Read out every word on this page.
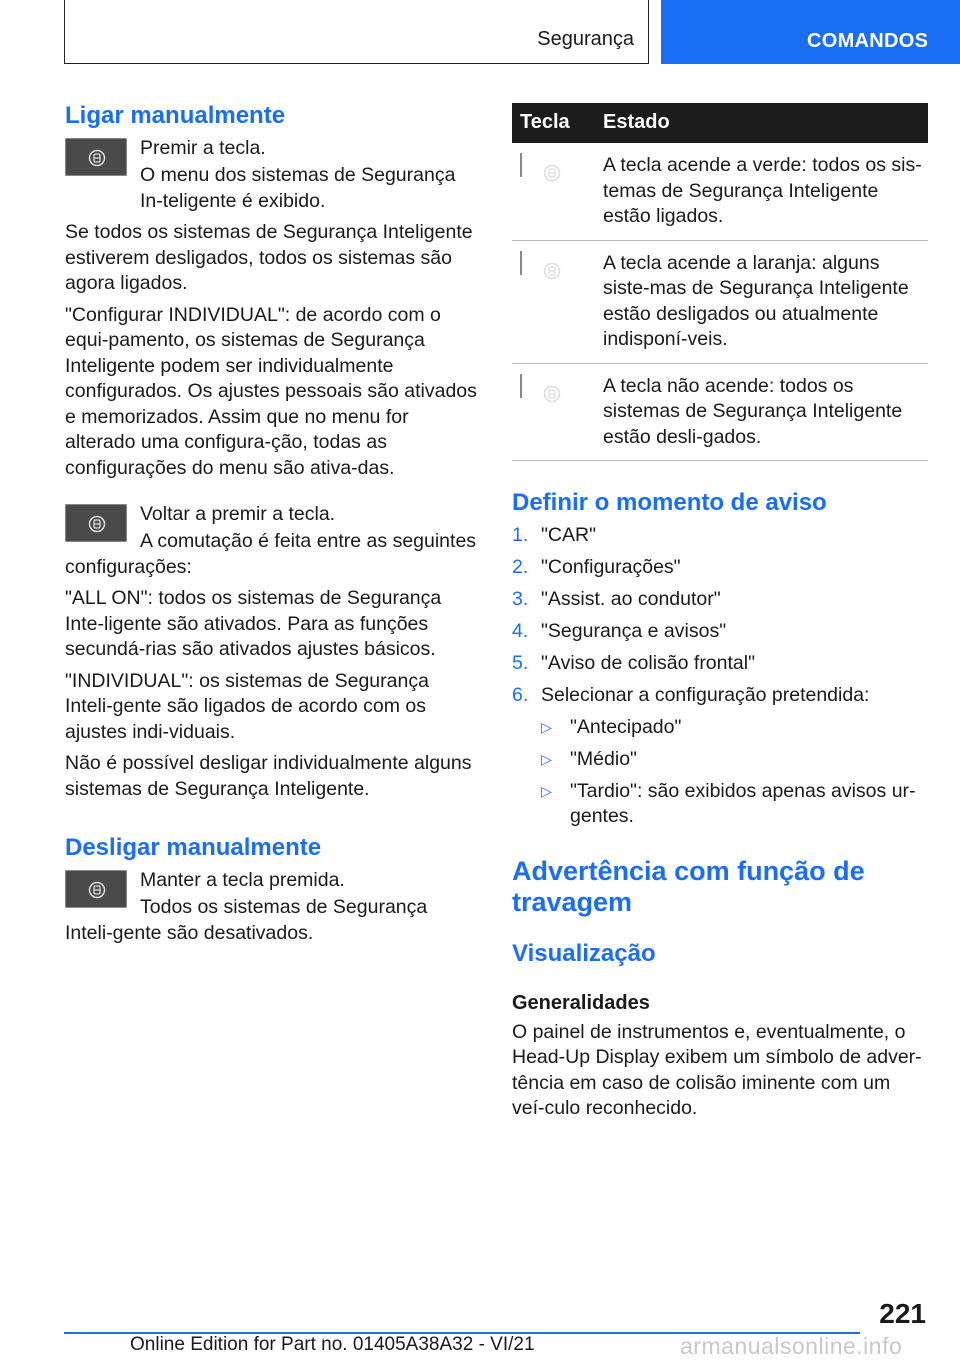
Segurança	COMANDOS
Ligar manualmente

Premir a tecla.

O menu dos sistemas de Segurança In-teligente é exibido.

Se todos os sistemas de Segurança Inteligente estiverem desligados, todos os sistemas são agora ligados.

"Configurar INDIVIDUAL": de acordo com o equi-pamento, os sistemas de Segurança Inteligente podem ser individualmente configurados. Os ajustes pessoais são ativados e memorizados. Assim que no menu for alterado uma configura-ção, todas as configurações do menu são ativa-das.

Voltar a premir a tecla.

A comutação é feita entre as seguintes configurações:

"ALL ON": todos os sistemas de Segurança Inte-ligente são ativados. Para as funções secundá-rias são ativados ajustes básicos.

"INDIVIDUAL": os sistemas de Segurança Inteli-gente são ligados de acordo com os ajustes indi-viduais.

Não é possível desligar individualmente alguns sistemas de Segurança Inteligente.

Desligar manualmente

Manter a tecla premida.

Todos os sistemas de Segurança Inteli-gente são desativados.

Tecla	Estado

	A tecla acende a verde: todos os sis-temas de Segurança Inteligente estão ligados.

	A tecla acende a laranja: alguns siste-mas de Segurança Inteligente estão desligados ou atualmente indisponí-veis.

	A tecla não acende: todos os sistemas de Segurança Inteligente estão desli-gados.
Definir o momento de aviso
1. "CAR"
2. "Configurações"
3. "Assist. ao condutor"
4. "Segurança e avisos"
5. "Aviso de colisão frontal"
6. Selecionar a configuração pretendida:
▷ "Antecipado"
▷ "Médio"
▷ "Tardio": são exibidos apenas avisos ur-gentes.
Advertência com função de travagem
Visualização
Generalidades

O painel de instrumentos e, eventualmente, o Head-Up Display exibem um símbolo de adver-tência em caso de colisão iminente com um veí-culo reconhecido.

221
Online Edition for Part no. 01405A38A32 - VI/21	armanualsonline.info
